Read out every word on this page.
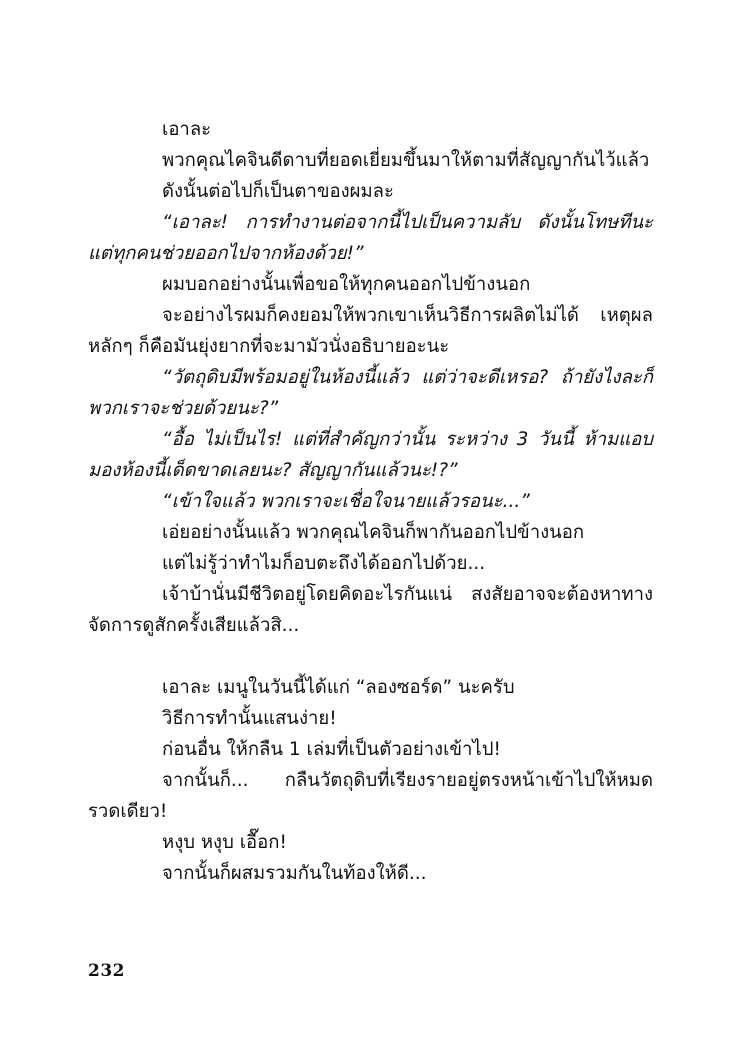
เอาละ

พวกคุณไคจินดีดาบที่ยอดเยี่ยมขึ้นมาให้ตามที่สัญญากันไว้แล้ว

ดังนั้นต่อไปก็เป็นตาของผมละ

“เอาละ! การทำงานต่อจากนี้ไปเป็นความลับ ดังนั้นโทษทีนะแต่ทุกคนช่วยออกไปจากห้องด้วย!”

ผมบอกอย่างนั้นเพื่อขอให้ทุกคนออกไปข้างนอก

จะอย่างไรผมก็คงยอมให้พวกเขาเห็นวิธีการผลิตไม่ได้ เหตุผลหลักๆ ก็คือมันยุ่งยากที่จะมามัวนั่งอธิบายอะนะ

“วัตถุดิบมีพร้อมอยู่ในห้องนี้แล้ว แต่ว่าจะดีเหรอ? ถ้ายังไงละก็พวกเราจะช่วยด้วยนะ?”

“อื้อ ไม่เป็นไร! แต่ที่สำคัญกว่านั้น ระหว่าง 3 วันนี้ ห้ามแอบมองห้องนี้เด็ดขาดเลยนะ? สัญญากันแล้วนะ!?”

“เข้าใจแล้ว พวกเราจะเชื่อใจนายแล้วรอนะ...”

เอ่ยอย่างนั้นแล้ว พวกคุณไคจินก็พากันออกไปข้างนอก

แต่ไม่รู้ว่าทำไมก็อบตะถึงได้ออกไปด้วย...

เจ้าบ้านั่นมีชีวิตอยู่โดยคิดอะไรกันแน่ สงสัยอาจจะต้องหาทางจัดการดูสักครั้งเสียแล้วสิ...

เอาละ เมนูในวันนี้ได้แก่ “ลองซอร์ด” นะครับ

วิธีการทำนั้นแสนง่าย!

ก่อนอื่น ให้กลืน 1 เล่มที่เป็นตัวอย่างเข้าไป!

จากนั้นก็... กลืนวัตถุดิบที่เรียงรายอยู่ตรงหน้าเข้าไปให้หมดรวดเดียว!

หงุบ หงุบ เอื๊อก!

จากนั้นก็ผสมรวมกันในท้องให้ดี...

232
